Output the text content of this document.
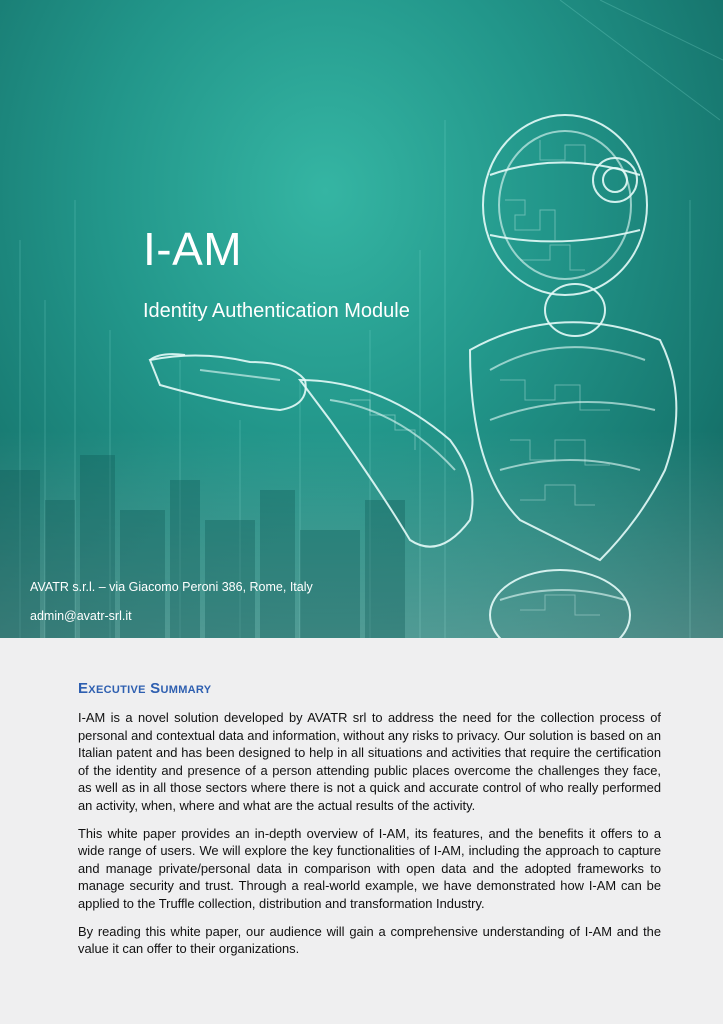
I-AM

Identity Authentication Module

AVATR s.r.l. – via Giacomo Peroni 386, Rome, Italy

admin@avatr-srl.it

Executive Summary

I-AM is a novel solution developed by AVATR srl to address the need for the collection process of personal and contextual data and information, without any risks to privacy. Our solution is based on an Italian patent and has been designed to help in all situations and activities that require the certification of the identity and presence of a person attending public places overcome the challenges they face, as well as in all those sectors where there is not a quick and accurate control of who really performed an activity, when, where and what are the actual results of the activity.

This white paper provides an in-depth overview of I-AM, its features, and the benefits it offers to a wide range of users. We will explore the key functionalities of I-AM, including the approach to capture and manage private/personal data in comparison with open data and the adopted frameworks to manage security and trust. Through a real-world example, we have demonstrated how I-AM can be applied to the Truffle collection, distribution and transformation Industry.

By reading this white paper, our audience will gain a comprehensive understanding of I-AM and the value it can offer to their organizations.
